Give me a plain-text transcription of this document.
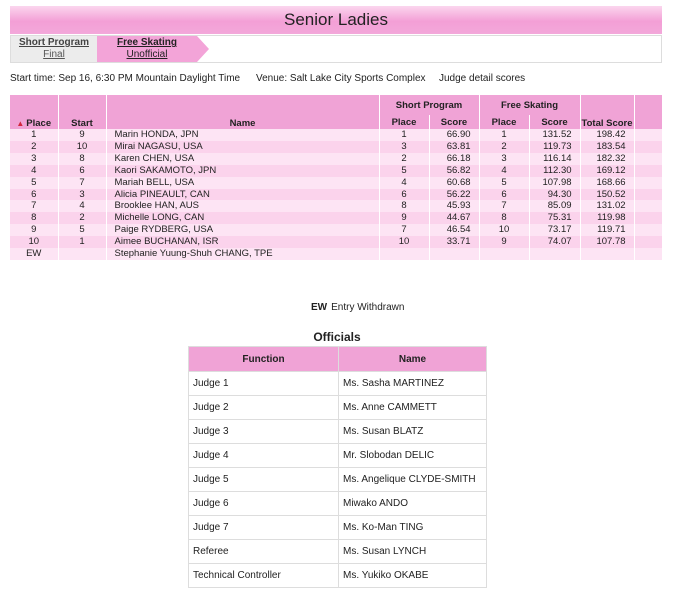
Senior Ladies
Short Program
Final
Free Skating
Unofficial
Start time: Sep 16, 6:30 PM Mountain Daylight Time Venue: Salt Lake City Sports Complex Judge detail scores
▲ Place	Start	Name	Short Program		Free Skating		Total Score	
			Place	Score	Place	Score		
1	9	Marin HONDA, JPN	1	66.90	1	131.52	198.42	
2	10	Mirai NAGASU, USA	3	63.81	2	119.73	183.54	
3	8	Karen CHEN, USA	2	66.18	3	116.14	182.32	
4	6	Kaori SAKAMOTO, JPN	5	56.82	4	112.30	169.12	
5	7	Mariah BELL, USA	4	60.68	5	107.98	168.66	
6	3	Alicia PINEAULT, CAN	6	56.22	6	94.30	150.52	
7	4	Brooklee HAN, AUS	8	45.93	7	85.09	131.02	
8	2	Michelle LONG, CAN	9	44.67	8	75.31	119.98	
9	5	Paige RYDBERG, USA	7	46.54	10	73.17	119.71	
10	1	Aimee BUCHANAN, ISR	10	33.71	9	74.07	107.78	
EW		Stephanie Yuung-Shuh CHANG, TPE						
EW Entry Withdrawn
Officials
Function	Name
Judge 1	Ms. Sasha MARTINEZ
Judge 2	Ms. Anne CAMMETT
Judge 3	Ms. Susan BLATZ
Judge 4	Mr. Slobodan DELIC
Judge 5	Ms. Angelique CLYDE-SMITH
Judge 6	Miwako ANDO
Judge 7	Ms. Ko-Man TING
Referee	Ms. Susan LYNCH
Technical Controller	Ms. Yukiko OKABE
